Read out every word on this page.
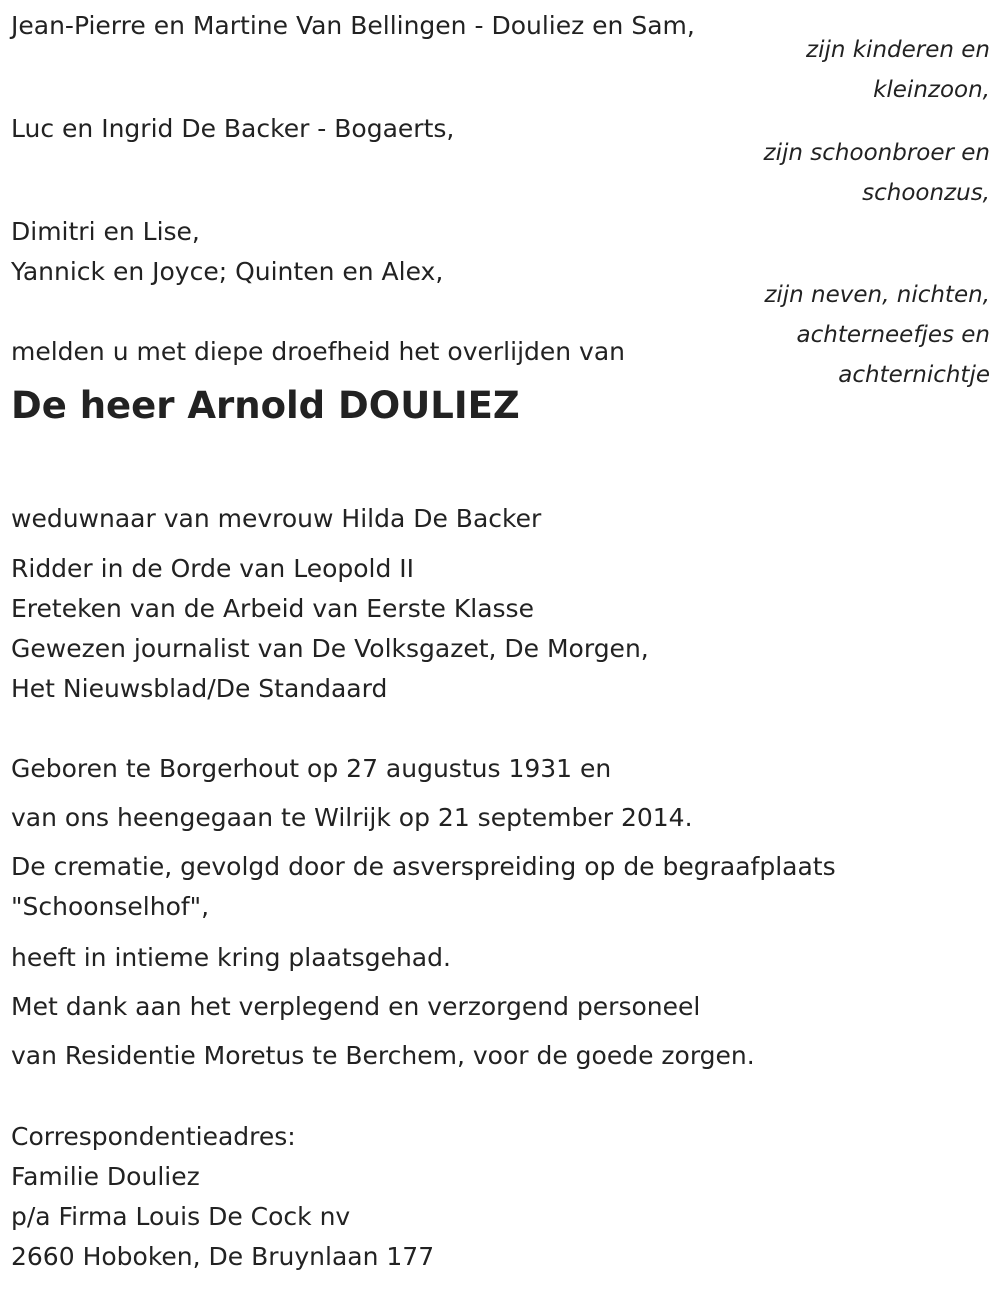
Jean-Pierre en Martine Van Bellingen - Douliez en Sam,
zijn kinderen en
kleinzoon,
Luc en Ingrid De Backer - Bogaerts,
zijn schoonbroer en
schoonzus,
Dimitri en Lise,
Yannick en Joyce; Quinten en Alex,
zijn neven, nichten,
achterneefjes en
achternichtje
melden u met diepe droefheid het overlijden van
De heer Arnold DOULIEZ
weduwnaar van mevrouw Hilda De Backer
Ridder in de Orde van Leopold II
Ereteken van de Arbeid van Eerste Klasse
Gewezen journalist van De Volksgazet, De Morgen,
Het Nieuwsblad/De Standaard
Geboren te Borgerhout op 27 augustus 1931 en
van ons heengegaan te Wilrijk op 21 september 2014.
De crematie, gevolgd door de asverspreiding op de begraafplaats
"Schoonselhof",
heeft in intieme kring plaatsgehad.
Met dank aan het verplegend en verzorgend personeel
van Residentie Moretus te Berchem, voor de goede zorgen.
Correspondentieadres:
Familie Douliez
p/a Firma Louis De Cock nv
2660 Hoboken, De Bruynlaan 177
